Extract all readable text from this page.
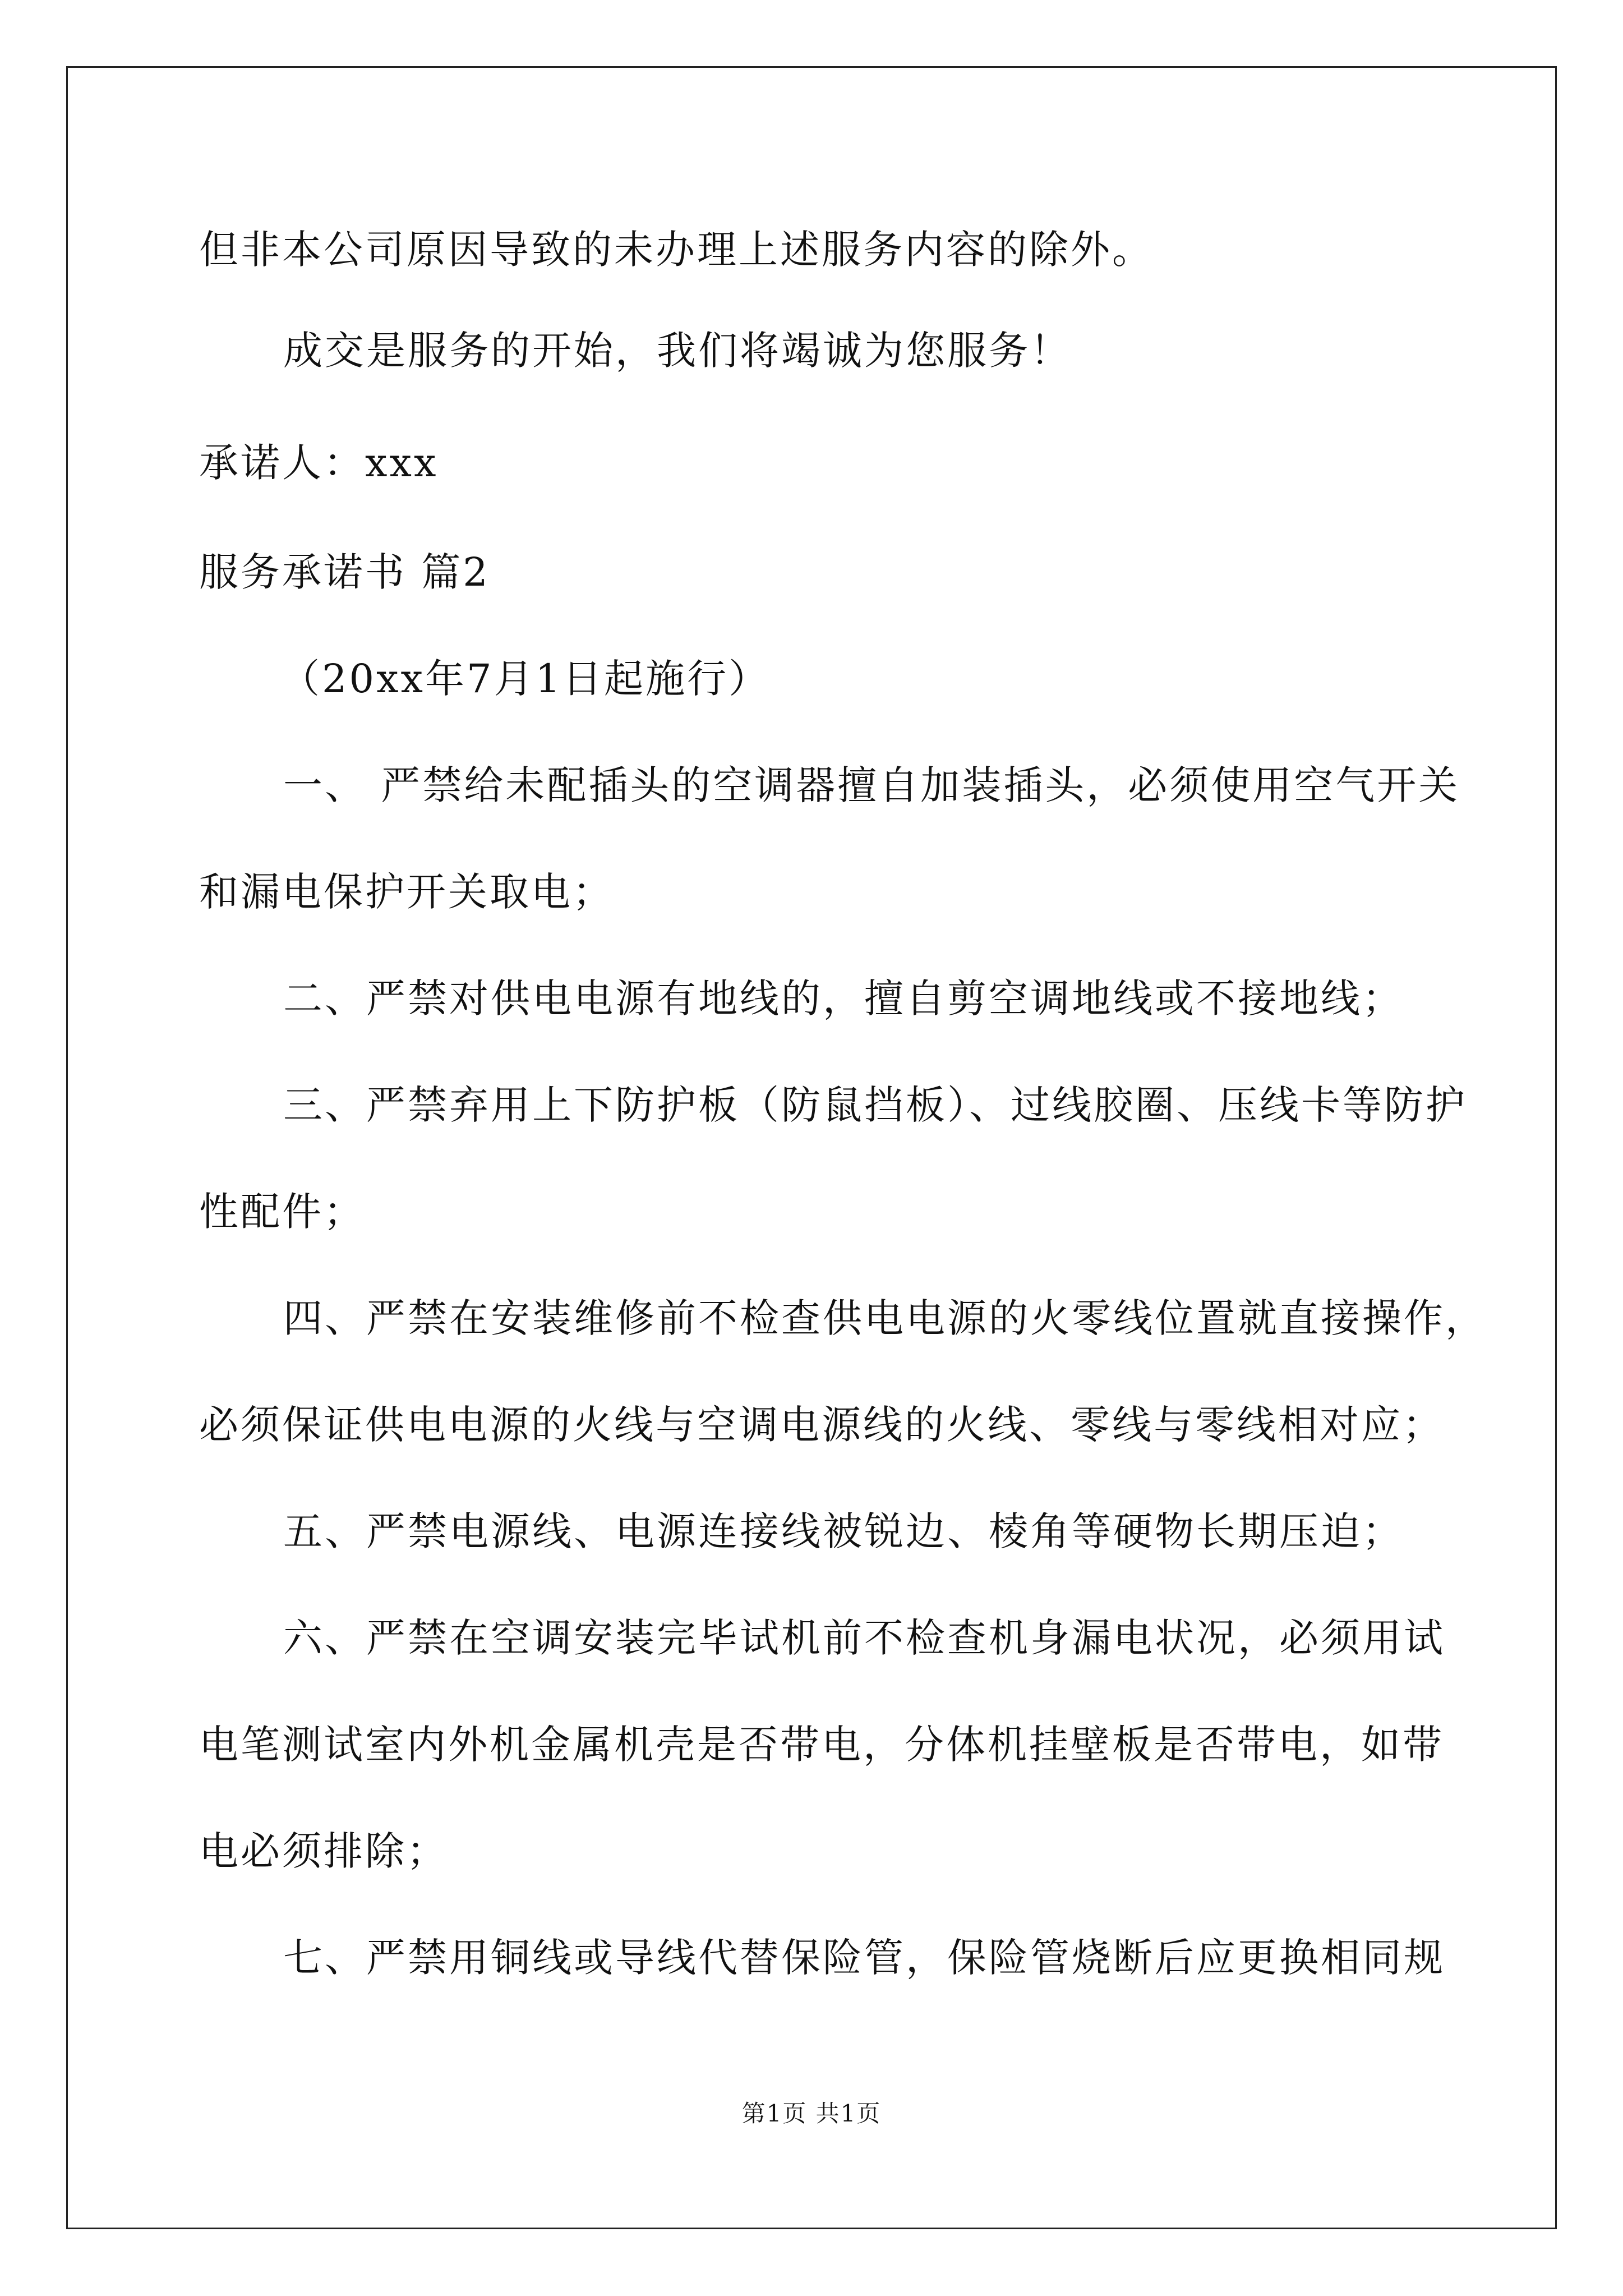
但非本公司原因导致的未办理上述服务内容的除外。
成交是服务的开始，我们将竭诚为您服务！
承诺人：xxx
服务承诺书 篇2
（20xx年7月1日起施行）
一、 严禁给未配插头的空调器擅自加装插头，必须使用空气开关
和漏电保护开关取电；
二、严禁对供电电源有地线的，擅自剪空调地线或不接地线；
三、严禁弃用上下防护板（防鼠挡板）、过线胶圈、压线卡等防护
性配件；
四、严禁在安装维修前不检查供电电源的火零线位置就直接操作，
必须保证供电电源的火线与空调电源线的火线、零线与零线相对应；
五、严禁电源线、电源连接线被锐边、棱角等硬物长期压迫；
六、严禁在空调安装完毕试机前不检查机身漏电状况，必须用试
电笔测试室内外机金属机壳是否带电，分体机挂壁板是否带电，如带
电必须排除；
七、严禁用铜线或导线代替保险管，保险管烧断后应更换相同规
第1页 共1页
